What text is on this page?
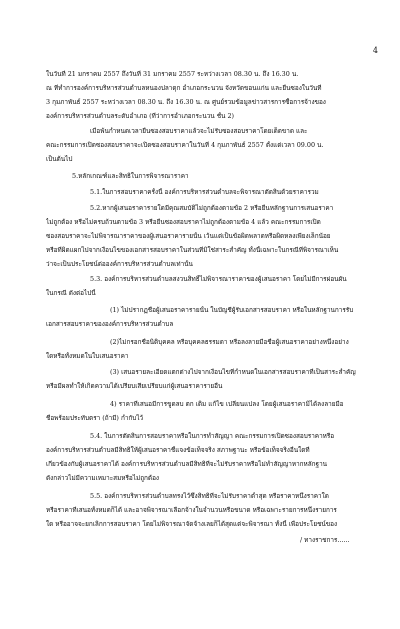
4
ในวันที่ 21 มกราคม 2557 ถึงวันที่ 31 มกราคม 2557 ระหว่างเวลา 08.30 น. ถึง 16.30 น.
ณ ที่ทำการองค์การบริหารส่วนตำบลหนองปลาดุก อำเภอกระนวน จังหวัดขอนแก่น และยื่นซองในวันที่
3 กุมภาพันธ์ 2557 ระหว่างเวลา 08.30 น. ถึง 16.30 น. ณ ศูนย์รวมข้อมูลข่าวสารการซื้อการจ้างของ
องค์การบริหารส่วนตำบลระดับอำเภอ (ที่ว่าการอำเภอกระนวน ชั้น 2)
เมื่อพ้นกำหนดเวลายื่นซองสอบราคาแล้วจะไม่รับซองสอบราคาโดยเด็ดขาด และ
คณะกรรมการเปิดซองสอบราคาจะเปิดซองสอบราคาในวันที่ 4 กุมภาพันธ์ 2557 ตั้งแต่เวลา 09.00 น.
เป็นต้นไป
5.หลักเกณฑ์และสิทธิในการพิจารณาราคา
5.1.ในการสอบราคาครั้งนี้ องค์การบริหารส่วนตำบลจะพิจารณาตัดสินด้วยราคารวม
5.2.หากผู้เสนอราคารายใดมีคุณสมบัติไม่ถูกต้องตามข้อ 2 หรือยื่นหลักฐานการเสนอราคา
ไม่ถูกต้อง หรือไม่ครบถ้วนตามข้อ 3 หรือยื่นซองสอบราคาไม่ถูกต้องตามข้อ 4 แล้ว คณะกรรมการเปิด
ซองสอบราคาจะไม่พิจารณาราคาของผู้เสนอราคารายนั้น เว้นแต่เป็นข้อผิดพลาดหรือผิดหลงเพียงเล็กน้อย
หรือที่ผิดแผกไปจากเงื่อนไขของเอกสารสอบราคาในส่วนที่มิใช่สาระสำคัญ ทั้งนี้เฉพาะในกรณีที่พิจารณาเห็น
ว่าจะเป็นประโยชน์ต่อองค์การบริหารส่วนตำบลเท่านั้น
5.3. องค์การบริหารส่วนตำบลสงวนสิทธิ์ไม่พิจารณาราคาของผู้เสนอราคา โดยไม่มีการผ่อนผัน
ในกรณี ดังต่อไปนี้
(1) ไม่ปรากฏชื่อผู้เสนอราคารายนั้น ในบัญชีผู้รับเอกสารสอบราคา หรือในหลักฐานการรับ
เอกสารสอบราคาขององค์การบริหารส่วนตำบล
(2)ไม่กรอกชื่อนิติบุคคล หรือบุคคลธรรมดา หรือลงลายมือชื่อผู้เสนอราคาอย่างหนึ่งอย่าง
ใดหรือทั้งหมดในใบเสนอราคา
(3) เสนอรายละเอียดแตกต่างไปจากเงื่อนไขที่กำหนดในเอกสารสอบราคาที่เป็นสาระสำคัญ
หรือมีผลทำให้เกิดความได้เปรียบเสียเปรียบแก่ผู้เสนอราคารายอื่น
4) ราคาที่เสนอมีการขูดลบ ตก เติม แก้ไข เปลี่ยนแปลง โดยผู้เสนอราคามิได้ลงลายมือ
ชื่อพร้อมประทับตรา (ถ้ามี) กำกับไว้
5.4. ในการตัดสินการสอบราคาหรือในการทำสัญญา คณะกรรมการเปิดซองสอบราคาหรือ
องค์การบริหารส่วนตำบลมีสิทธิให้ผู้เสนอราคาชี้แจงข้อเท็จจริง สภาพฐานะ หรือข้อเท็จจริงอื่นใดที่
เกี่ยวข้องกับผู้เสนอราคาได้ องค์การบริหารส่วนตำบลมีสิทธิที่จะไม่รับราคาหรือไม่ทำสัญญาหากหลักฐาน
ดังกล่าวไม่มีความเหมาะสมหรือไม่ถูกต้อง
5.5. องค์การบริหารส่วนตำบลทรงไว้ซึ่งสิทธิที่จะไม่รับราคาต่ำสุด หรือราคาหนึ่งราคาใด
หรือราคาที่เสนอทั้งหมดก็ได้ และอาจพิจารณาเลือกจ้างในจำนวนหรือขนาด หรือเฉพาะรายการหนึ่งรายการ
ใด หรืออาจจะยกเลิกการสอบราคา โดยไม่พิจารณาจัดจ้างเลยก็ได้สุดแต่จะพิจารณา ทั้งนี้ เพื่อประโยชน์ของ
/ ทางราชการ......
